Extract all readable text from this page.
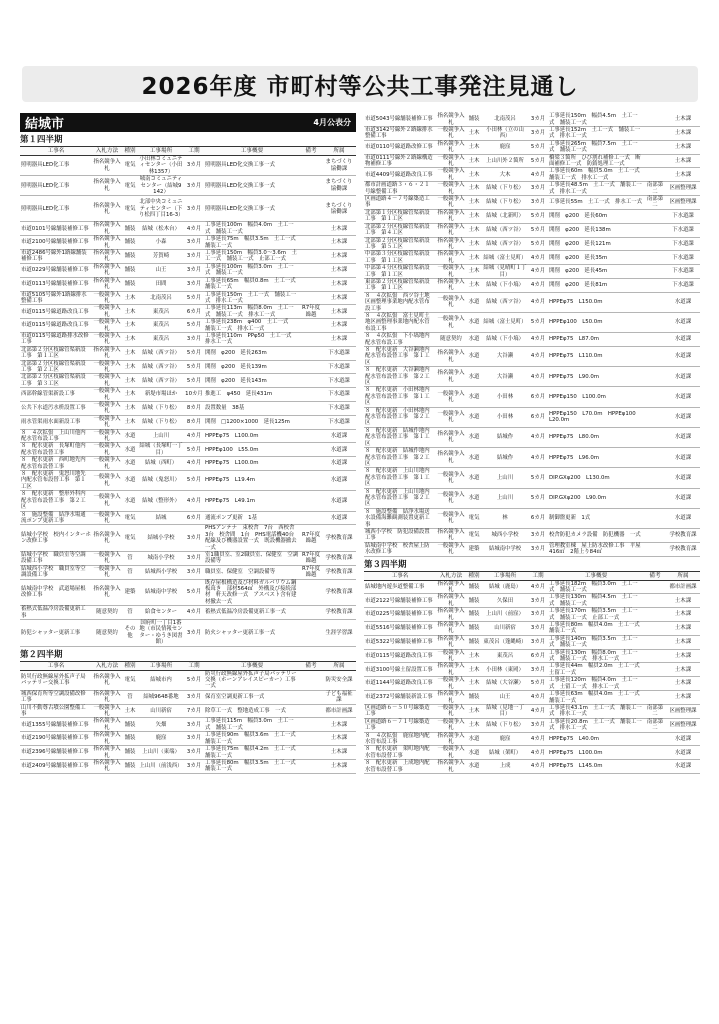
2026年度 市町村等公共工事発注見通し
結城市	4月公表分
第１四半期
工事名	入札方法	種別	工事場所	工期	工事概要	備考	所属
照明器具LED化工事	指名競争入札	電気	小田林コミュニティセンター（小田林1357）	3カ月	照明器具LED化交換工事一式		まちづくり協働課
照明器具LED化工事	指名競争入札	電気	城南コミュニティセンター（結城9142）	3カ月	照明器具LED化交換工事一式		まちづくり協働課
照明器具LED化工事	指名競争入札	電気	北部中央コミュニティセンター（下り松四丁目16-3）	3カ月	照明器具LED化交換工事一式		まちづくり協働課
市道0101号線舗装補修工事	指名競争入札	舗装	結城（松木台）	4カ月	工事延長100m　幅員4.0m　土工一式　舗装工一式		土木課
市道2100号線舗装補修工事	指名競争入札	舗装	小森	3カ月	工事延長75m　幅員3.5m　土工一式　舗装工一式		土木課
市道2486号線外1路線舗装補修工事	指名競争入札	舗装	芳賀崎	3カ月	工事延長150m　幅員3.0～3.6m　土工一式　舗装工一式　止部工一式		土木課
市道0229号線舗装補修工事	指名競争入札	舗装	山王	3カ月	工事延長100m　幅員3.0m　土工一式　舗装工一式		土木課
市道0113号線舗装補修工事	指名競争入札	舗装	田間	3カ月	工事延長65m　幅員0.8m　土工一式　舗装工一式		土木課
市道5105号線外1路線排水整備工事	一般競争入札	土木	北南茂呂	5カ月	工事延長150m　土工一式　舗装工一式　排水工一式		土木課
市道0115号線道路改良工事	一般競争入札	土木	東茂呂	6カ月	工事延長113m　幅員8.0m　土工一式　舗装工一式　排水工一式	R7年度繰越	土木課
市道0115号線道路改良工事	一般競争入札	土木	東茂呂	5カ月	工事延長238m　φ400　土工一式　舗装工一式　排水工一式		土木課
市道0115号線道路排水改修工事	一般競争入札	土木	東茂呂	3カ月	工事延長110m　PPφ50　土工一式　排水工一式		土木課
北部第２分区枝線管渠新設工事　第１工区	指名競争入札	土木	結城（西ツ谷）	5カ月	開削　φ200　延長263m		下水道課
北部第２分区枝線管渠新設工事　第２工区	一般競争入札	土木	結城（西ツ谷）	5カ月	開削　φ200　延長139m		下水道課
北部第２分区枝線管渠新設工事　第３工区	一般競争入札	土木	結城（西ツ谷）	5カ月	開削　φ200　延長143m		下水道課
西部幹線管渠新設工事	一般競争入札	土木	新堤市場ほか	10カ月	推進工　φ450　延長431m		下水道課
公共下水道汚水枡設置工事	一般競争入札	土木	結城（下り松）	8カ月	設置数量　38基		下水道課
雨水管渠雨水面新設工事	一般競争入札	土木	結城（下り松）	8カ月	開削　□1200×1000　延長125m		下水道課
８　４次拡張　上山川他内配水管布設工事	一般競争入札	水道	上山川	4カ月	HPPEφ75　L100.0m		水道課
８　配水更新　長塚町他内配水管布設替工事	一般競争入札	水道	結城（長塚町一丁目）	5カ月	HPPEφ100　L55.0m		水道課
８　配水更新　西町地先内配水管布設替工事	一般競争入札	水道	結城（西町）	4カ月	HPPEφ75　L100.0m		水道課
８　配水更新　鬼怒川地先内配水管布設替工事　第１工区	一般競争入札	水道	結城（鬼怒川）	5カ月	HPPEφ75　L19.4m		水道課
８　配水更新　整形外科内配水管布設替工事　第２工区	一般競争入札	水道	結城（整形外）	4カ月	HPPEφ75　L49.1m		水道課
８　施設整備　結浄水場通流ポンプ更新工事	一般競争入札	電気	結城	6カ月	通流ポンプ更新　1基		水道課
結城小学校　校内インターホン改修工事	指名競争入札	電気	結城小学校	3カ月	PHSアンテナ　束校舎　7台　西校舎　3台　校舎間　1台　PHS電話機40台　配線及び機器設置一式　既設機器撤去一式	R7年度繰越	学校教育課
結城小学校　職員室等空調設備工事	一般競争入札	管	城南小学校	3カ月	室1職員室、室2職員室、保健室　空調設備等	R7年度繰越	学校教育課
結城西小学校　職員室等空調設備工事	一般競争入札	管	結城西小学校	3カ月	職員室、保健室　空調設備等	R7年度繰越	学校教育課
結城南中学校　武道場屋根改修工事	指名競争入札	建築	結城南中学校	5カ月	既存屋根構造及び材料ガルバリウム鋼板葺き　部材564㎡　外構及び接続部材　軒天改修一式　アスベスト含有建材撤去一式		学校教育課
蓄熱式低温冷房設備更新工事	随意契約	管	給食センター	4カ月	蓄熱式低温冷房設備更新工事一式		学校教育課
防犯シャッター更新工事	随意契約	その他	国府町一丁目1番地（市民情報センター・ゆうき図書館）	3カ月	防火シャッター更新工事一式		生涯学習課
第２四半期
工事名	入札方法	種別	工事場所	工期	工事概要	備考	所属
防災行政無線屋外拡声子局バッテリー交換工事	指名競争入札	電気	結城市内	5カ月	防災行政無線屋外拡声子局バッテリー交換（ホーンアレイスピーカー）工事一式		防災安全課
城西保育所等空調設備改修工事	指名競争入札	管	結城9648番地	3カ月	保育室空調更新工事一式		子ども福祉課
山川不動尊古墳公園整備工事	一般競争入札	土木	山川新宿	7カ月	除草工一式　整地造成工事　一式		都市計画課
市道1355号線舗装補修工事	指名競争入札	舗装	矢畑	3カ月	工事延長115m　幅員3.0m　土工一式　舗装工一式		土木課
市道2190号線舗装補修工事	指名競争入札	舗装	鹿窪	3カ月	工事延長90m　幅員3.6m　土工一式　舗装工一式		土木課
市道2396号線舗装補修工事	指名競争入札	舗装	上山川（東端）	3カ月	工事延長75m　幅員4.2m　土工一式　舗装工一式		土木課
市道2409号線舗装補修工事	指名競争入札	舗装	上山川（前浅西）	3カ月	工事延長80m　幅員3.5m　土工一式　舗装工一式		土木課
市道5043号線舗装補修工事	指名競争入札	舗装	北南茂呂	3カ月	工事延長150m　幅員4.5m　土工一式　舗装工一式		土木課
市道3142号線外２路線排水整備工事	一般競争入札	土木	小田林（立の山西）	3カ月	工事延長152m　土工一式　舗装工一式　排水工一式		土木課
市道0110号線道路改修工事	指名競争入札	土木	鹿窪	5カ月	工事延長265m　幅員7.5m　土工一式　舗装工一式		土木課
市道0111号線外２路線構造物補修工事	一般競争入札	土木	上山川外２箇所	5カ月	橋梁３箇所　ひび割れ補修工一式　断面補修工一式　防錆処理工一式		土木課
市道4409号線道路改良工事	一般競争入札	土木	大木	4カ月	工事延長60m　幅員5.0m　土工一式　舗装工一式　排水工一式		土木課
都市計画道路３・６・２１号線整備工事	一般競争入札	土木	結城（下り松）	3カ月	工事延長48.5m　土工一式　舗装工一式　排水工一式	南部第二	区画整理課
区画道路４－７号線築造工事	一般競争入札	土木	結城（下り松）	3カ月	工事延長55m　土工一式　排水工一式	南部第二	区画整理課
北部第１分区枝線管渠新設工事　第１工区	指名競争入札	土木	結城（北新町）	5カ月	開削　φ200　延長60m		下水道課
北部第２分区枝線管渠新設工事　第４工区	指名競争入札	土木	結城（西ツ谷）	5カ月	開削　φ200　延長138m		下水道課
北部第２分区枝線管渠新設工事　第５工区	指名競争入札	土木	結城（西ツ谷）	5カ月	開削　φ200　延長121m		下水道課
中部第３分区枝線管渠新設工事　第１工区	指名競争入札	土木	結城（富士見町）	4カ月	開削　φ200　延長35m		下水道課
中部第４分区枝線管渠新設工事　第１工区	一般競争入札	土木	結城（見晴町１丁目）	4カ月	開削　φ200　延長45m		下水道課
東部第２分区枝線管渠新設工事　第１工区	指名競争入札	土木	結城（下小塙）	4カ月	開削　φ200　延長81m		下水道課
８　４次拡張　西ツ谷土地区画整理事業地内配水管布設工事	一般競争入札	水道	結城（西ツ谷）	4カ月	HPPEφ75　L150.0m		水道課
８　４次拡張　富士見町土地区画整理事業地内配水管布設工事	一般競争入札	水道	結城（富士見町）	5カ月	HPPEφ100　L50.0m		水道課
８　４次拡張　下小塙地内配水管布設工事	随意契約	水道	結城（下小塙）	4カ月	HPPEφ75　L87.0m		水道課
８　配水更新　大谷瀬地内配水管布設替工事　第１工区	指名競争入札	水道	大谷瀬	4カ月	HPPEφ75　L110.0m		水道課
８　配水更新　大谷瀬地内配水管布設替工事　第２工区	指名競争入札	水道	大谷瀬	4カ月	HPPEφ75　L90.0m		水道課
８　配水更新　小田林地内配水管布設替工事　第１工区	一般競争入札	水道	小田林	6カ月	HPPEφ150　L100.0m		水道課
８　配水更新　小田林地内配水管布設替工事　第２工区	一般競争入札	水道	小田林	6カ月	HPPEφ150　L70.0m　HPPEφ100　L20.0m		水道課
８　配水更新　結城作地内配水管布設替工事　第１工区	指名競争入札	水道	結城作	4カ月	HPPEφ75　L80.0m		水道課
８　配水更新　結城作地内配水管布設替工事　第２工区	指名競争入札	水道	結城作	4カ月	HPPEφ75　L96.0m		水道課
８　配水更新　上山川地内配水管布設替工事　第１工区	一般競争入札	水道	上山川	5カ月	DIP.GXφ200　L130.0m		水道課
８　配水更新　上山川地内配水管布設替工事　第２工区	一般競争入札	水道	上山川	5カ月	DIP.GXφ200　L90.0m		水道課
８　施設整備　結浄水場送水設備海難観測装置更新工事	一般競争入札	電気	林	6カ月	制御盤更新　1式		水道課
城西小学校　防犯設備設置工事	指名競争入札	電気	城西小学校	3カ月	校舎防犯カメラ設備　防犯機器　一式		学校教育課
結城南中学校　校舎屋上防水改修工事	一般競争入札	建築	結城南中学校	3カ月	管理教室棟　屋上防水改修工事　平屋416㎡　2階上り84㎡		学校教育課
第３四半期
工事名	入札方法	種別	工事場所	工期	工事概要	備考	所属
結城地内遊歩道整備工事	指名競争入札	舗装	結城（鹿島）	4カ月	工事延長182m　幅員3.0m　土工一式　舗装工一式		都市計画課
市道2122号線舗装補修工事	指名競争入札	舗装	久保田	3カ月	工事延長130m　幅員4.5m　土工一式　舗装工一式		土木課
市道0225号線舗装補修工事	指名競争入札	舗装	上山川（前窪）	3カ月	工事延長170m　幅員3.5m　土工一式　舗装工一式　止部工一式		土木課
市道5516号線舗装補修工事	指名競争入札	舗装	山川新宿	3カ月	工事延長80m　幅員4.0m　土工一式　舗装工一式		土木課
市道5322号線舗装補修工事	指名競争入札	舗装	東茂呂（蓬縄崎）	3カ月	工事延長140m　幅員3.5m　土工一式　舗装工一式		土木課
市道0115号線道路改良工事	一般競争入札	土木	東茂呂	6カ月	工事延長130m　幅員8.0m　土工一式　舗装工一式　排水工一式		土木課
市道3100号線土留設置工事	指名競争入札	土木	小田林（東岡）	3カ月	工事延長44m　幅員2.0m　土工一式　土留工一式		土木課
市道1144号線道路改良工事	一般競争入札	土木	結城（大谷瀬）	5カ月	工事延長120m　幅員4.0m　土工一式　土留工一式　排水工一式		土木課
市道2372号線舗装新設工事	指名競争入札	舗装	山王	4カ月	工事延長63m　幅員4.0m　土工一式　舗装工一式		土木課
区画道路６－５０号線築造工事	一般競争入札	土木	結城（見地一丁目）	4カ月	工事延長43.1m　土工一式　舗装工一式　排水工一式	南部第二	区画整理課
区画道路６－７１号線築造工事	一般競争入札	土木	結城（下り松）	3カ月	工事延長20.8m　土工一式　舗装工一式　排水工一式	南部第二	区画整理課
８　４次拡張　鹿窪地内配水管布設工事	指名競争入札	水道	鹿窪	4カ月	HPPEφ75　L40.0m		水道課
８　配水更新　架町地内配水管布設替工事	一般競争入札	水道	結城（架町）	4カ月	HPPEφ75　L100.0m		水道課
８　配水更新　上成地内配水管布設替工事	指名競争入札	水道	上成	4カ月	HPPEφ75　L145.0m		水道課
